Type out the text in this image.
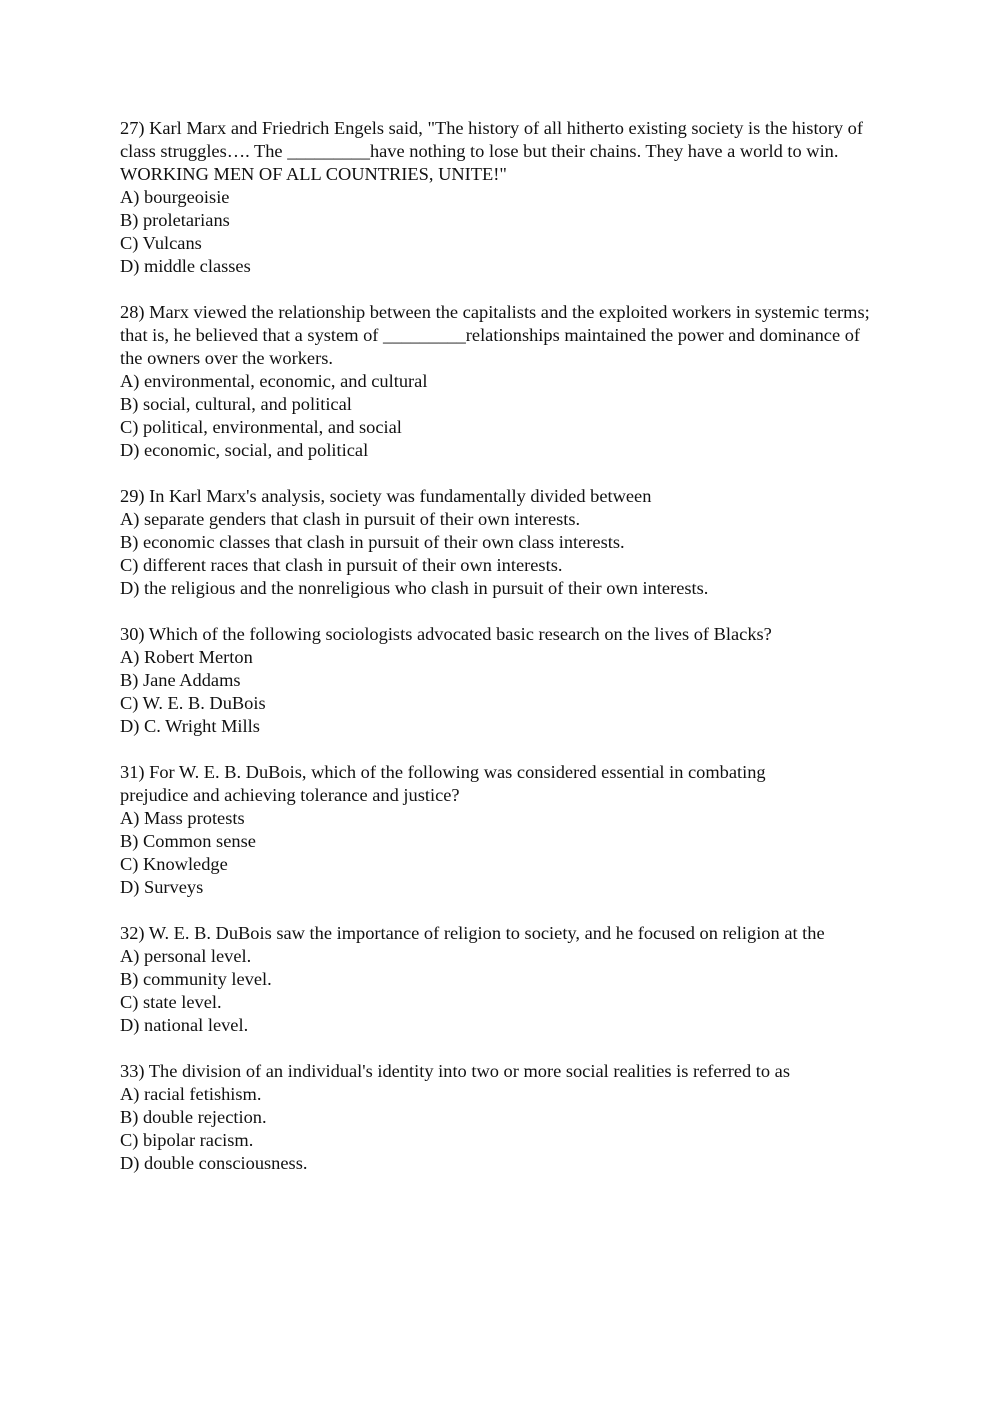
27) Karl Marx and Friedrich Engels said, "The history of all hitherto existing society is the history of class struggles…. The _________have nothing to lose but their chains. They have a world to win. WORKING MEN OF ALL COUNTRIES, UNITE!"
A) bourgeoisie
B) proletarians
C) Vulcans
D) middle classes
28) Marx viewed the relationship between the capitalists and the exploited workers in systemic terms; that is, he believed that a system of _________relationships maintained the power and dominance of the owners over the workers.
A) environmental, economic, and cultural
B) social, cultural, and political
C) political, environmental, and social
D) economic, social, and political
29) In Karl Marx's analysis, society was fundamentally divided between
A) separate genders that clash in pursuit of their own interests.
B) economic classes that clash in pursuit of their own class interests.
C) different races that clash in pursuit of their own interests.
D) the religious and the nonreligious who clash in pursuit of their own interests.
30) Which of the following sociologists advocated basic research on the lives of Blacks?
A) Robert Merton
B) Jane Addams
C) W. E. B. DuBois
D) C. Wright Mills
31) For W. E. B. DuBois, which of the following was considered essential in combating prejudice and achieving tolerance and justice?
A) Mass protests
B) Common sense
C) Knowledge
D) Surveys
32) W. E. B. DuBois saw the importance of religion to society, and he focused on religion at the
A) personal level.
B) community level.
C) state level.
D) national level.
33) The division of an individual's identity into two or more social realities is referred to as
A) racial fetishism.
B) double rejection.
C) bipolar racism.
D) double consciousness.
